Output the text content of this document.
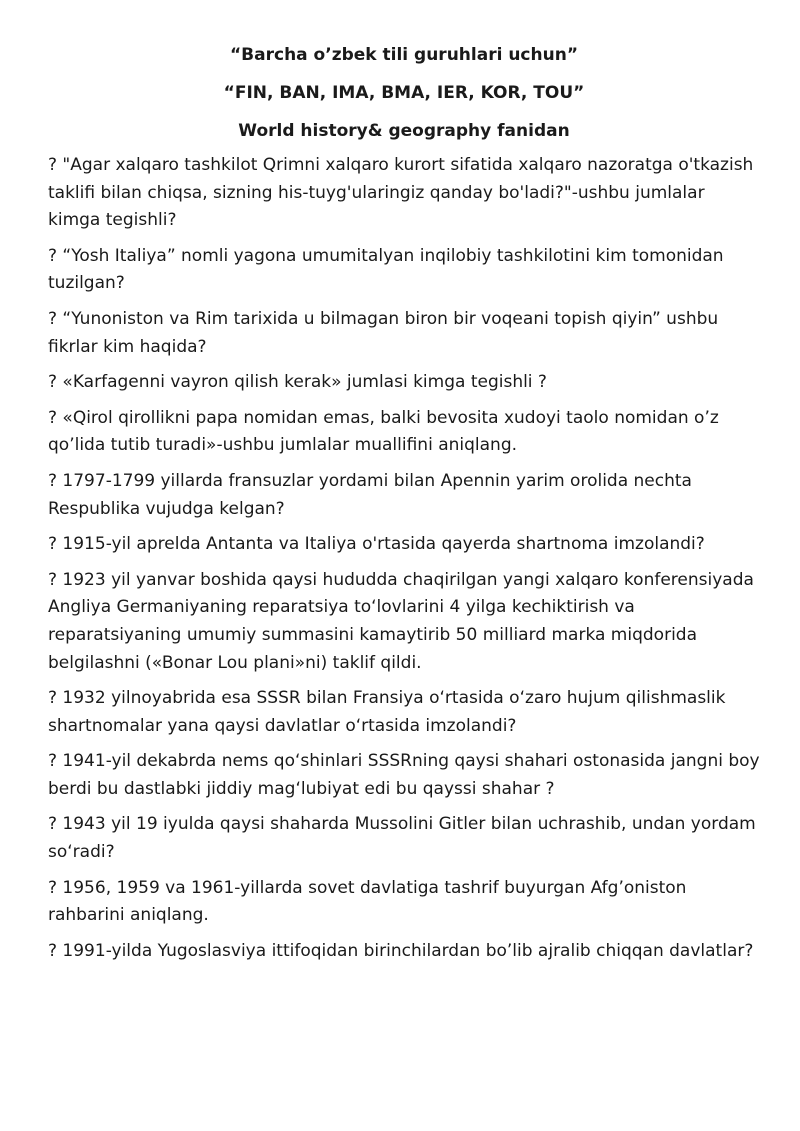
“Barcha o’zbek tili guruhlari uchun”

“FIN, BAN, IMA, BMA, IER, KOR, TOU”

World history& geography fanidan

? "Agar xalqaro tashkilot Qrimni xalqaro kurort sifatida xalqaro nazoratga o'tkazish taklifi bilan chiqsa, sizning his-tuyg'ularingiz qanday bo'ladi?"-ushbu jumlalar kimga tegishli?
? “Yosh Italiya” nomli yagona umumitalyan inqilobiy tashkilotini kim tomonidan tuzilgan?
? “Yunoniston va Rim tarixida u bilmagan biron bir voqeani topish qiyin” ushbu fikrlar kim haqida?
? «Karfagenni vayron qilish kerak» jumlasi kimga tegishli ?
? «Qirol qirollikni papa nomidan emas, balki bevosita xudoyi taolo nomidan o’z qo’lida tutib turadi»-ushbu jumlalar muallifini aniqlang.
? 1797-1799 yillarda fransuzlar yordami bilan Apennin yarim orolida nechta Respublika vujudga kelgan?
? 1915-yil aprelda Antanta va Italiya o'rtasida qayerda shartnoma imzolandi?
? 1923 yil yanvar boshida qaysi hududda chaqirilgan yangi xalqaro konferensiyada Angliya Germaniyaning reparatsiya to‘lovlarini 4 yilga kechiktirish va reparatsiyaning umumiy summasini kamaytirib 50 milliard marka miqdorida belgilashni («Bonar Lou plani»ni) taklif qildi.
? 1932 yilnoyabrida esa SSSR bilan Fransiya o‘rtasida o‘zaro hujum qilishmaslik shartnomalar yana qaysi davlatlar o‘rtasida imzolandi?
? 1941-yil dekabrda nems qo‘shinlari SSSRning qaysi shahari ostonasida jangni boy berdi bu dastlabki jiddiy mag‘lubiyat edi bu qayssi shahar ?
? 1943 yil 19 iyulda qaysi shaharda Mussolini Gitler bilan uchrashib, undan yordam so‘radi?
? 1956, 1959 va 1961-yillarda sovet davlatiga tashrif buyurgan Afg’oniston rahbarini aniqlang.
? 1991-yilda Yugoslasviya ittifoqidan birinchilardan bo’lib ajralib chiqqan davlatlar?
